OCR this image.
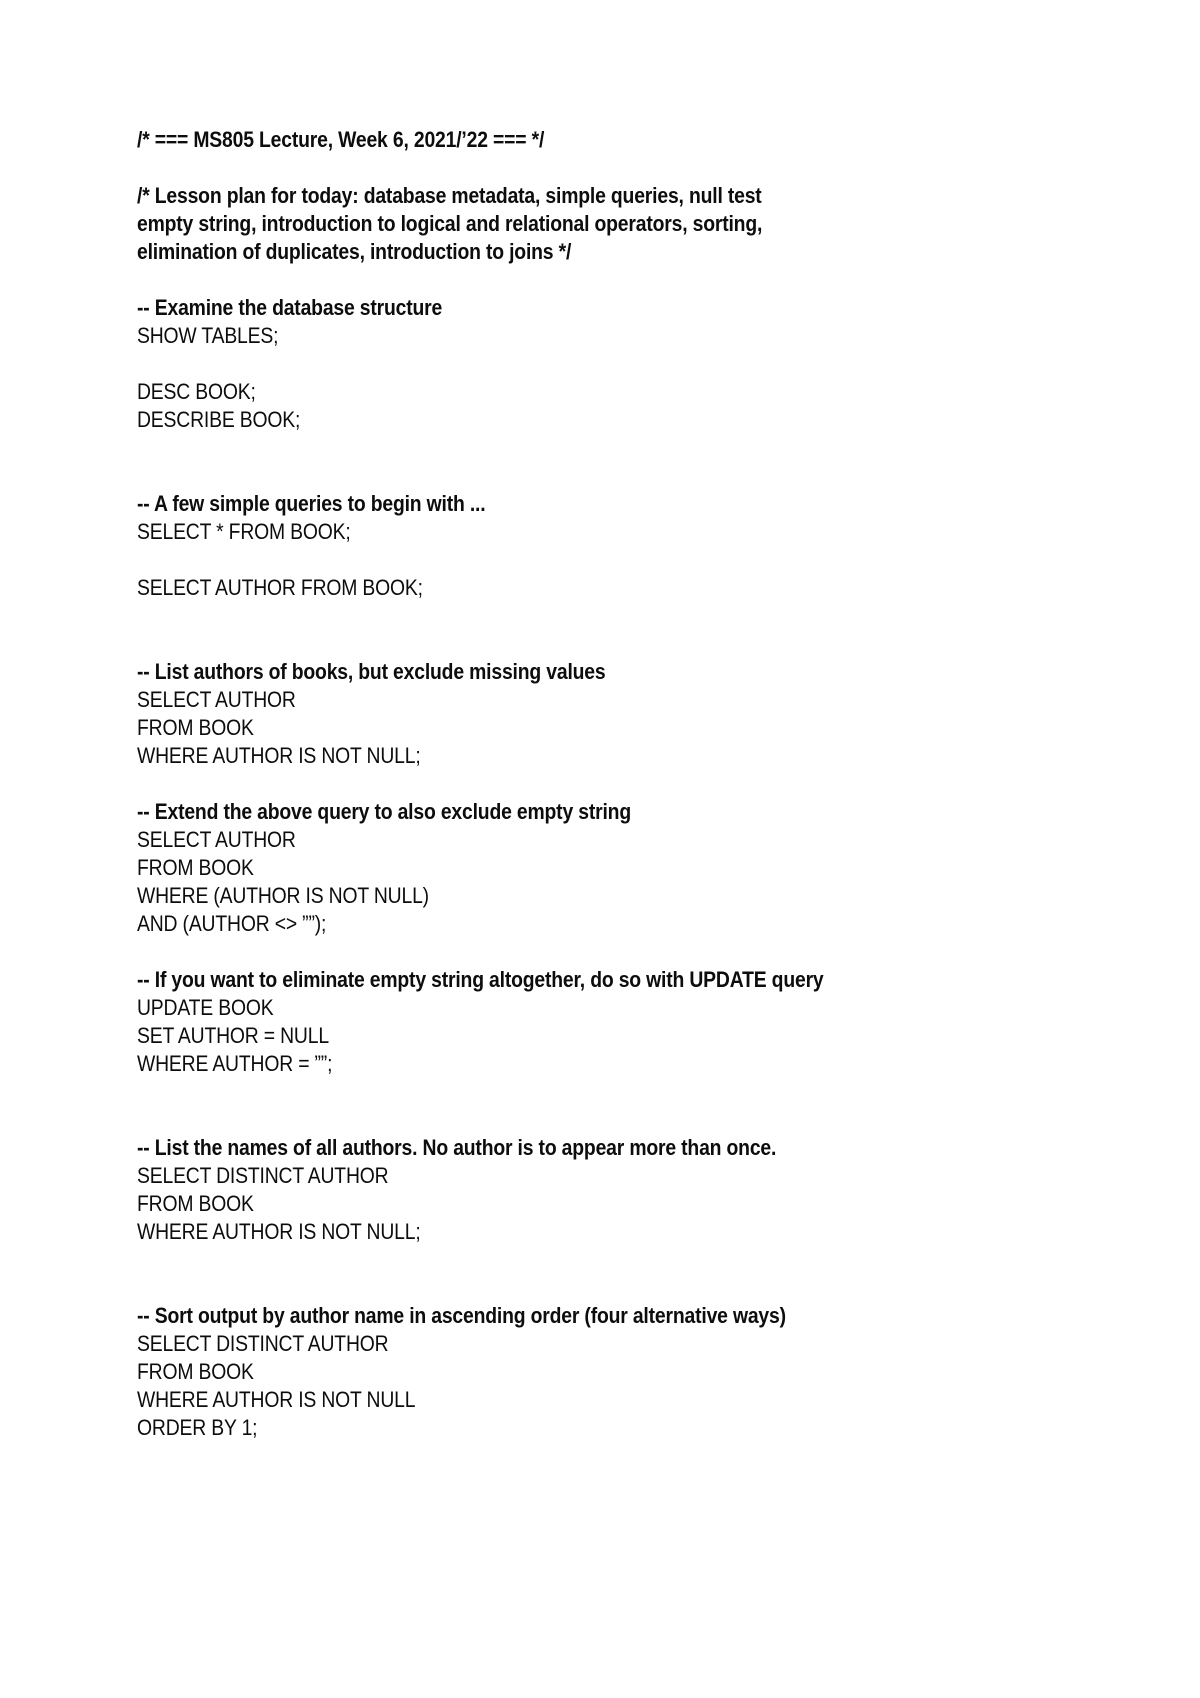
/* === MS805 Lecture, Week 6, 2021/’22 === */
/* Lesson plan for today: database metadata, simple queries, null test
empty string, introduction to logical and relational operators, sorting,
elimination of duplicates, introduction to joins */
-- Examine the database structure
SHOW TABLES;
DESC BOOK;
DESCRIBE BOOK;
-- A few simple queries to begin with ...
SELECT * FROM BOOK;
SELECT AUTHOR FROM BOOK;
-- List authors of books, but exclude missing values
SELECT AUTHOR
FROM BOOK
WHERE AUTHOR IS NOT NULL;
-- Extend the above query to also exclude empty string
SELECT AUTHOR
FROM BOOK
WHERE (AUTHOR IS NOT NULL)
AND (AUTHOR <> ””);
-- If you want to eliminate empty string altogether, do so with UPDATE query
UPDATE BOOK
SET AUTHOR = NULL
WHERE AUTHOR = ””;
-- List the names of all authors. No author is to appear more than once.
SELECT DISTINCT AUTHOR
FROM BOOK
WHERE AUTHOR IS NOT NULL;
-- Sort output by author name in ascending order (four alternative ways)
SELECT DISTINCT AUTHOR
FROM BOOK
WHERE AUTHOR IS NOT NULL
ORDER BY 1;
